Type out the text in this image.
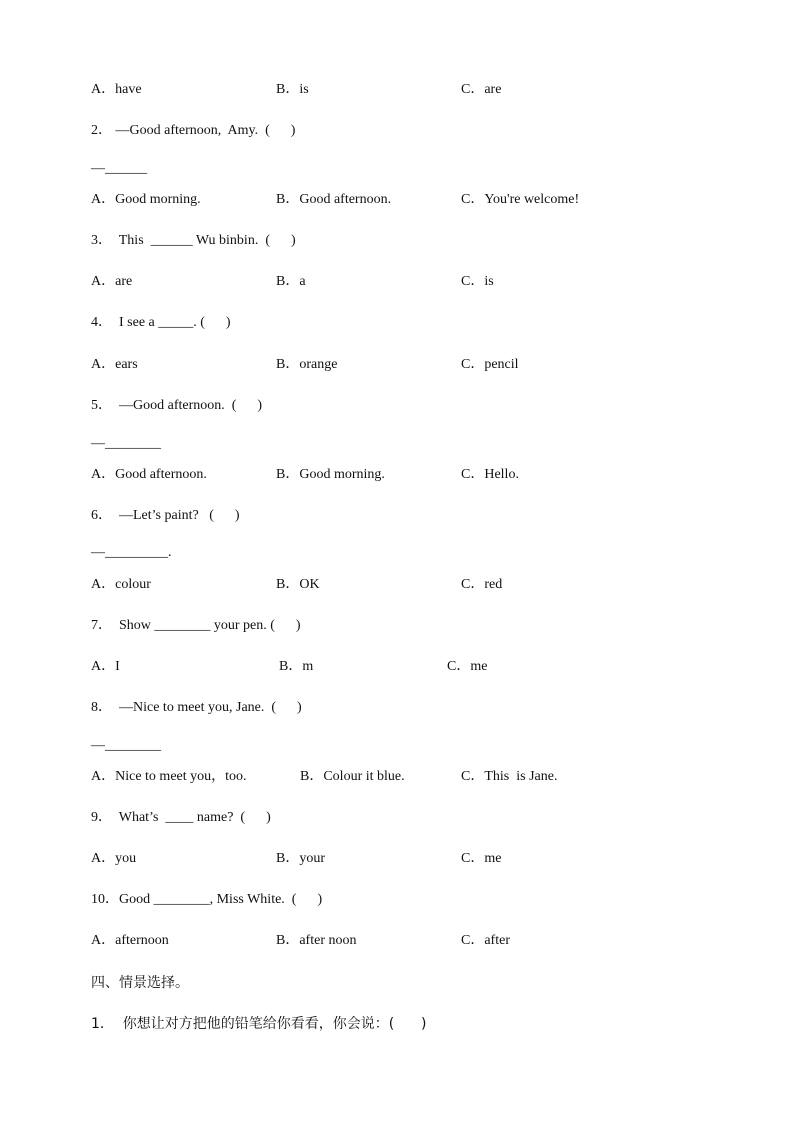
A．have	B．is	C．are
2． —Good afternoon,  Amy.  (      )
—______
A．Good morning.	B．Good afternoon.	C．You're welcome!
3．  This  ______ Wu binbin.  (      )
A．are	B．a	C．is
4．  I see a _____. (      )
A．ears	B．orange	C．pencil
5．  —Good afternoon.  (      )
—________
A．Good afternoon.	B．Good morning.	C．Hello.
6．  —Let’s paint?   (      )
—_________.
A．colour	B．OK	C．red
7．  Show ________ your pen. (      )
A．I	B．m	C．me
8．  —Nice to meet you, Jane.  (      )
—________
A．Nice to meet you，too.	B．Colour it blue.	C．This  is Jane.
9．  What’s  ____ name?  (      )
A．you	B．your	C．me
10．Good ________, Miss White.  (      )
A．afternoon	B．after noon	C．after
四、情景选择。
1．  你想让对方把他的铅笔给你看看，你会说：(      )
